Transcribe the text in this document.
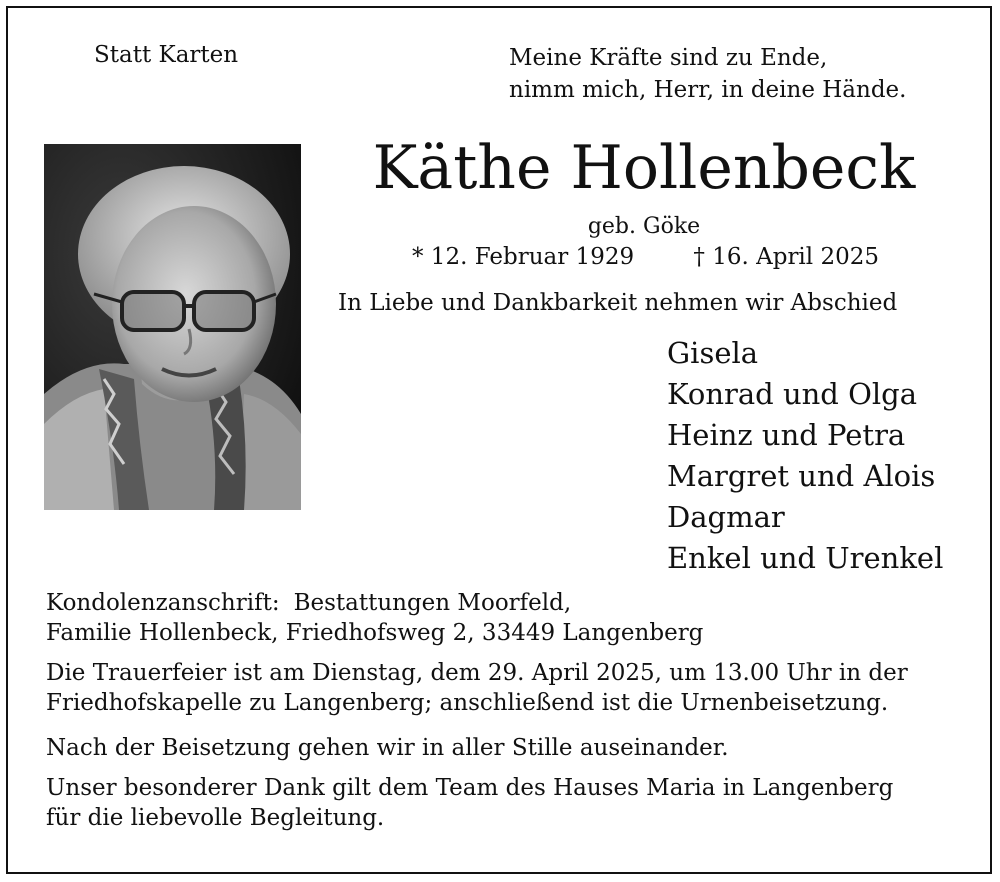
Statt Karten	Meine Kräfte sind zu Ende,
nimm mich, Herr, in deine Hände.
Käthe Hollenbeck
geb. Göke
* 12. Februar 1929	† 16. April 2025
In Liebe und Dankbarkeit nehmen wir Abschied
Gisela
Konrad und Olga
Heinz und Petra
Margret und Alois
Dagmar
Enkel und Urenkel
Kondolenzanschrift: Bestattungen Moorfeld,
Familie Hollenbeck, Friedhofsweg 2, 33449 Langenberg
Die Trauerfeier ist am Dienstag, dem 29. April 2025, um 13.00 Uhr in der
Friedhofskapelle zu Langenberg; anschließend ist die Urnenbeisetzung.
Nach der Beisetzung gehen wir in aller Stille auseinander.
Unser besonderer Dank gilt dem Team des Hauses Maria in Langenberg
für die liebevolle Begleitung.
